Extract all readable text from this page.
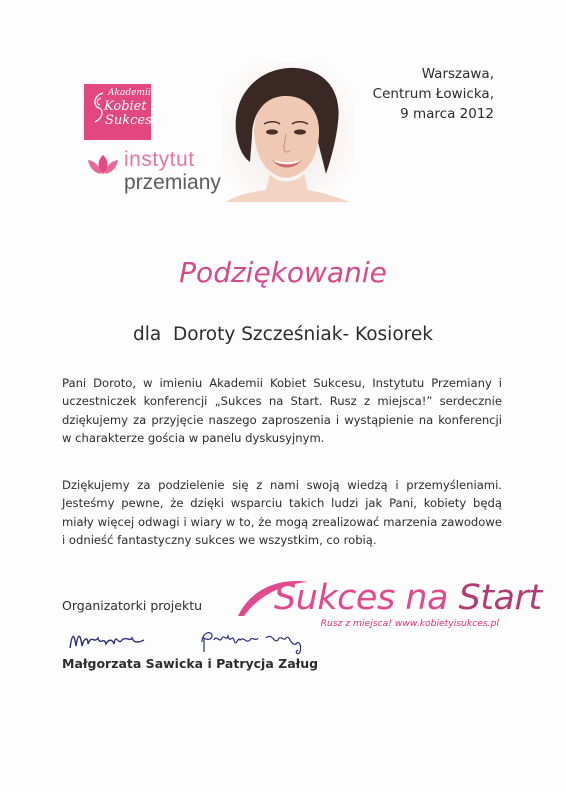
Akademii
Kobiet
Sukcesa
instytut
przemiany
Warszawa,
Centrum Łowicka,
9 marca 2012
Podziękowanie
dla  Doroty Szcześniak- Kosiorek
Pani Doroto, w imieniu Akademii Kobiet Sukcesu, Instytutu Przemiany i uczestniczek konferencji „Sukces na Start. Rusz z miejsca!” serdecznie dziękujemy za przyjęcie naszego zaproszenia i wystąpienie na konferencji w charakterze gościa w panelu dyskusyjnym.
Dziękujemy za podzielenie się z nami swoją wiedzą i przemyśleniami. Jesteśmy pewne, że dzięki wsparciu takich ludzi jak Pani, kobiety będą miały więcej odwagi i wiary w to, że mogą zrealizować marzenia zawodowe i odnieść fantastyczny sukces we wszystkim, co robią.
Organizatorki projektu Sukces na Start
Rusz z miejsca! www.kobietyisukces.pl
Małgorzata Sawicka i Patrycja Załug
